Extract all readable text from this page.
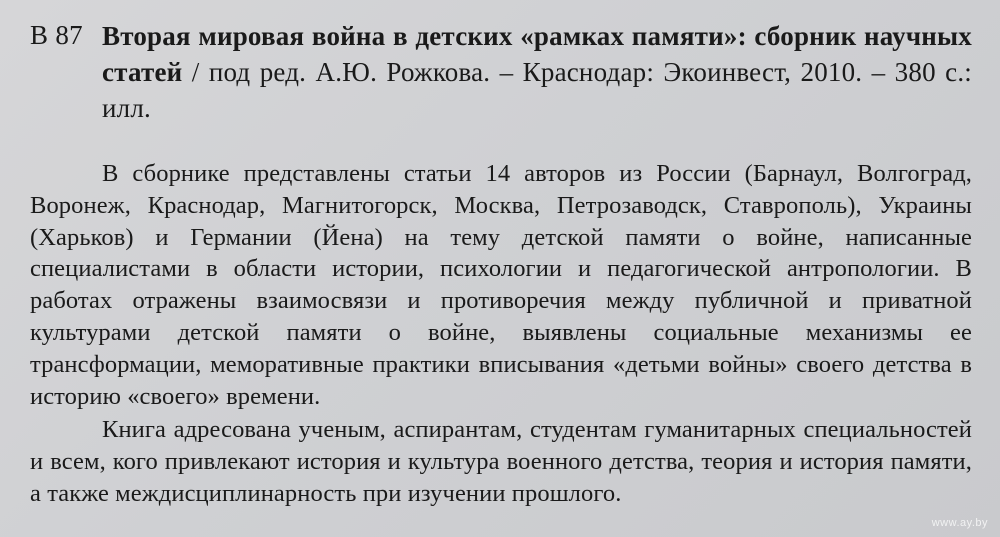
В 87 Вторая мировая война в детских «рамках памяти»: сборник научных статей / под ред. А.Ю. Рожкова. – Краснодар: Экоинвест, 2010. – 380 с.: илл.

В сборнике представлены статьи 14 авторов из России (Барнаул, Волгоград, Воронеж, Краснодар, Магнитогорск, Москва, Петрозаводск, Ставрополь), Украины (Харьков) и Германии (Йена) на тему детской памяти о войне, написанные специалистами в области истории, психологии и педагогической антропологии. В работах отражены взаимосвязи и противоречия между публичной и приватной культурами детской памяти о войне, выявлены социальные механизмы ее трансформации, меморативные практики вписывания «детьми войны» своего детства в историю «своего» времени.

Книга адресована ученым, аспирантам, студентам гуманитарных специальностей и всем, кого привлекают история и культура военного детства, теория и история памяти, а также междисциплинарность при изучении прошлого.

www.ay.by
